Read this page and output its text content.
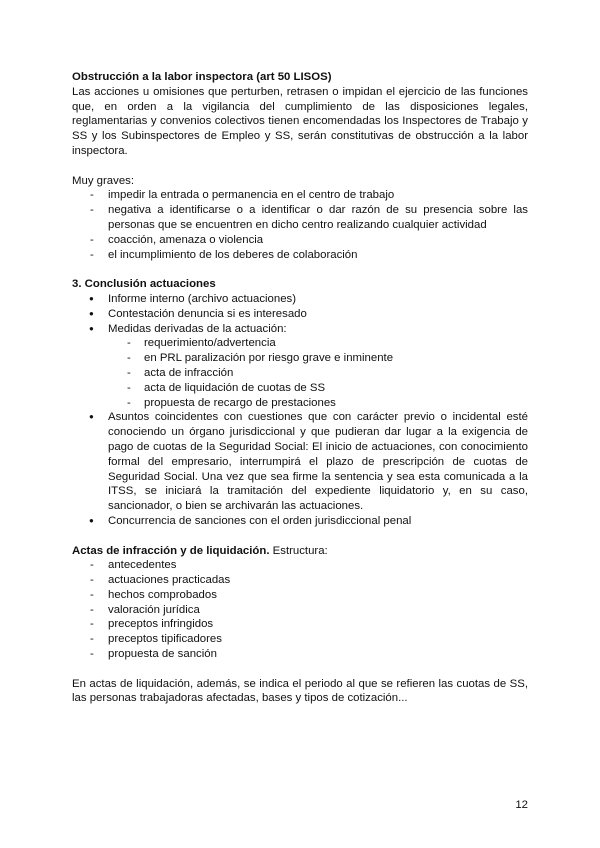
Obstrucción a la labor inspectora (art 50 LISOS)

Las acciones u omisiones que perturben, retrasen o impidan el ejercicio de las funciones que, en orden a la vigilancia del cumplimiento de las disposiciones legales, reglamentarias y convenios colectivos tienen encomendadas los Inspectores de Trabajo y SS y los Subinspectores de Empleo y SS, serán constitutivas de obstrucción a la labor inspectora.

Muy graves:

- impedir la entrada o permanencia en el centro de trabajo
- negativa a identificarse o a identificar o dar razón de su presencia sobre las personas que se encuentren en dicho centro realizando cualquier actividad
- coacción, amenaza o violencia
- el incumplimiento de los deberes de colaboración

3. Conclusión actuaciones

● Informe interno (archivo actuaciones)
● Contestación denuncia si es interesado
● Medidas derivadas de la actuación:
- requerimiento/advertencia
- en PRL paralización por riesgo grave e inminente
- acta de infracción
- acta de liquidación de cuotas de SS
- propuesta de recargo de prestaciones
● Asuntos coincidentes con cuestiones que con carácter previo o incidental esté conociendo un órgano jurisdiccional y que pudieran dar lugar a la exigencia de pago de cuotas de la Seguridad Social: El inicio de actuaciones, con conocimiento formal del empresario, interrumpirá el plazo de prescripción de cuotas de Seguridad Social. Una vez que sea firme la sentencia y sea esta comunicada a la ITSS, se iniciará la tramitación del expediente liquidatorio y, en su caso, sancionador, o bien se archivarán las actuaciones.
● Concurrencia de sanciones con el orden jurisdiccional penal

Actas de infracción y de liquidación. Estructura:

- antecedentes
- actuaciones practicadas
- hechos comprobados
- valoración jurídica
- preceptos infringidos
- preceptos tipificadores
- propuesta de sanción

En actas de liquidación, además, se indica el periodo al que se refieren las cuotas de SS, las personas trabajadoras afectadas, bases y tipos de cotización...

12
